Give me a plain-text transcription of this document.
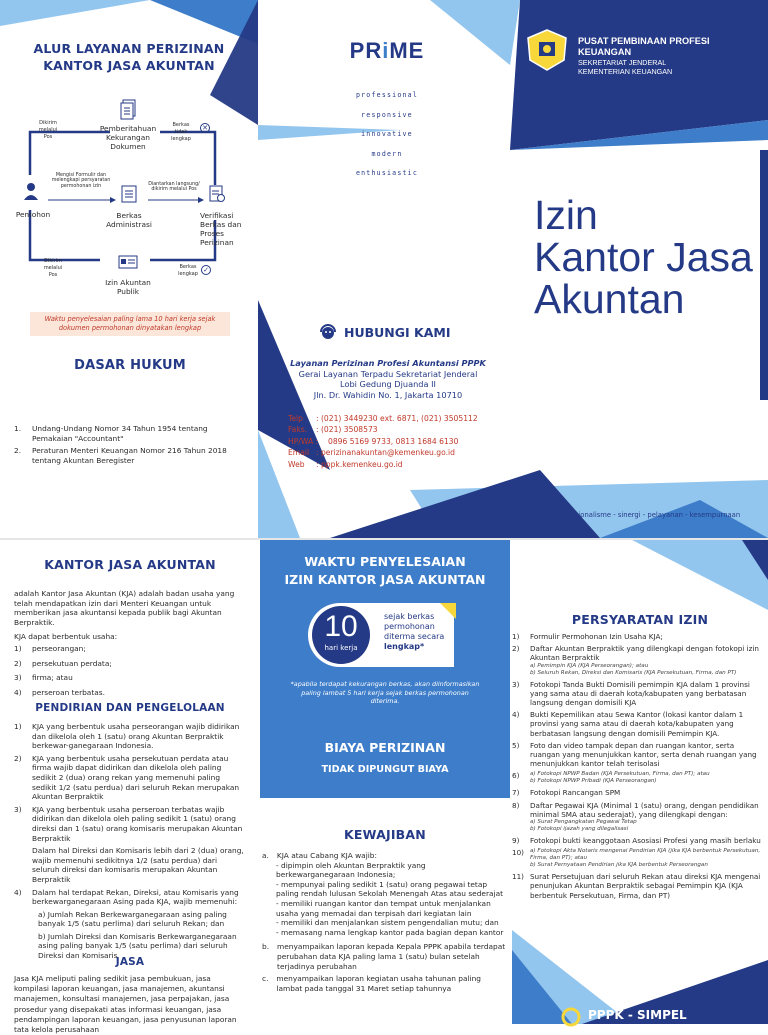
ALUR LAYANAN PERIZINAN
KANTOR JASA AKUNTAN
Pemberitahuan Kekurangan Dokumen
Dikirim melalui Pos
Berkas tidak lengkap
✕
Pemohon
Mengisi Formulir dan melengkapi persyaratan permohonan izin
Berkas Administrasi
Diantarkan langsung/ dikirim melalui Pos
Verifikasi Berkas dan Proses Perizinan
Dikirim melalui Pos
Izin Akuntan Publik
Berkas lengkap ✓
Waktu penyelesaian paling lama 10 hari kerja sejak dokumen permohonan dinyatakan lengkap
DASAR HUKUM
1.	Undang-Undang Nomor 34 Tahun 1954 tentang Pemakaian "Accountant"
2.	Peraturan Menteri Keuangan Nomor 216 Tahun 2018 tentang Akuntan Beregister
PRiME
professional
responsive
innovative
modern
enthusiastic
PUSAT PEMBINAAN PROFESI KEUANGAN
SEKRETARIAT JENDERAL
KEMENTERIAN KEUANGAN
Izin
Kantor Jasa
Akuntan
HUBUNGI KAMI
Layanan Perizinan Profesi Akuntansi PPPK
Gerai Layanan Terpadu Sekretariat Jenderal
Lobi Gedung Djuanda II
Jln. Dr. Wahidin No. 1, Jakarta 10710
Telp	: (021) 3449230 ext. 6871, (021) 3505112
Faks.	: (021) 3508573
HP/WA :	0896 5169 9733, 0813 1684 6130
Email : perizinanakuntan@kemenkeu.go.id
Web	: pppk.kemenkeu.go.id
integritas - profesionalisme - sinergi - pelayanan - kesempurnaan
KANTOR JASA AKUNTAN
adalah Kantor Jasa Akuntan (KJA) adalah badan usaha yang telah mendapatkan izin dari Menteri Keuangan untuk memberikan jasa akuntansi kepada publik bagi Akuntan Berpraktik.
KJA dapat berbentuk usaha:
1)	perseorangan;
2)	persekutuan perdata;
3)	firma; atau
4)	perseroan terbatas.
PENDIRIAN DAN PENGELOLAAN
1)	KJA yang berbentuk usaha perseorangan wajib didirikan dan dikelola oleh 1 (satu) orang Akuntan Berpraktik berkewar-ganegaraan Indonesia.
2)	KJA yang berbentuk usaha persekutuan perdata atau firma wajib dapat didirikan dan dikelola oleh paling sedikit 2 (dua) orang rekan yang memenuhi paling sedikit 1/2 (satu perdua) dari seluruh Rekan merupakan Akuntan Berpraktik
3)	KJA yang berbentuk usaha perseroan terbatas wajib didirikan dan dikelola oleh paling sedikit 1 (satu) orang direksi dan 1 (satu) orang komisaris merupakan Akuntan Berpraktik
Dalam hal Direksi dan Komisaris lebih dari 2 (dua) orang, wajib memenuhi sedikitnya 1/2 (satu perdua) dari seluruh direksi dan komisaris merupakan Akuntan Berpraktik
4)	Dalam hal terdapat Rekan, Direksi, atau Komisaris yang berkewarganegaraan Asing pada KJA, wajib memenuhi:
a) Jumlah Rekan Berkewarganegaraan asing paling banyak 1/5 (satu perlima) dari seluruh Rekan; dan
b) Jumlah Direksi dan Komisaris Berkewarganegaraan asing paling banyak 1/5 (satu perlima) dari seluruh Direksi dan Komisaris
JASA
Jasa KJA meliputi paling sedikit jasa pembukuan, jasa kompilasi laporan keuangan, jasa manajemen, akuntansi manajemen, konsultasi manajemen, jasa perpajakan, jasa prosedur yang disepakati atas informasi keuangan, jasa pendampingan laporan keuangan, jasa penyusunan laporan tata kelola perusahaan
WAKTU PENYELESAIAN
IZIN KANTOR JASA AKUNTAN
10
hari kerja
sejak berkas
permohonan
diterma secara
lengkap*
*apabila terdapat kekurangan berkas, akan diinformasikan paling lambat 5 hari kerja sejak berkas permohonan diterima.
BIAYA PERIZINAN
TIDAK DIPUNGUT BIAYA
KEWAJIBAN
a. KJA atau Cabang KJA wajib:
- dipimpin oleh Akuntan Berpraktik yang berkewarganegaraan Indonesia;
- mempunyai paling sedikit 1 (satu) orang pegawai tetap paling rendah lulusan Sekolah Menengah Atas atau sederajat
- memiliki ruangan kantor dan tempat untuk menjalankan usaha yang memadai dan terpisah dari kegiatan lain
- memiliki dan menjalankan sistem pengendalian mutu; dan
- memasang nama lengkap kantor pada bagian depan kantor
b. menyampaikan laporan kepada Kepala PPPK apabila terdapat perubahan data KJA paling lama 1 (satu) bulan setelah terjadinya perubahan
c. menyampaikan laporan kegiatan usaha tahunan paling lambat pada tanggal 31 Maret setiap tahunnya
PERSYARATAN IZIN
1)	Formulir Permohonan Izin Usaha KJA;
2)	Daftar Akuntan Berpraktik yang dilengkapi dengan fotokopi izin Akuntan Berpraktik
a) Pemimpin KJA (KJA Perseorangan); atau
b) Seluruh Rekan, Direksi dan Komisaris (KJA Persekutuan, Firma, dan PT)
3)	Fotokopi Tanda Bukti Domisili pemimpin KJA dalam 1 provinsi yang sama atau di daerah kota/kabupaten yang berbatasan langsung dengan domisili KJA
4)	Bukti Kepemilikan atau Sewa Kantor (lokasi kantor dalam 1 provinsi yang sama atau di daerah kota/kabupaten yang berbatasan langsung dengan domisili Pemimpin KJA.
5)	Foto dan video tampak depan dan ruangan kantor, serta ruangan yang menunjukkan kantor, serta denah ruangan yang menunjukkan kantor telah terisolasi
6)	a) Fotokopi NPWP Badan (KJA Persekutuan, Firma, dan PT); atau
b) Fotokopi NPWP Pribadi (KJA Perseorangan)
7)	Fotokopi Rancangan SPM
8)	Daftar Pegawai KJA (Minimal 1 (satu) orang, dengan pendidikan minimal SMA atau sederajat), yang dilengkapi dengan:
a) Surat Pengangkatan Pegawai Tetap
b) Fotokopi ijazah yang dilegalisasi
9)	Fotokopi bukti keanggotaan Asosiasi Profesi yang masih berlaku
10)	a) Fotokopi Akta Notaris mengenai Pendirian KJA (jika KJA berbentuk Persekutuan, Firma, dan PT); atau
b) Surat Pernyataan Pendirian jika KJA berbentuk Perseorangan
11) Surat Persetujuan dari seluruh Rekan atau direksi KJA mengenai penunjukan Akuntan Berpraktik sebagai Pemimpin KJA (KJA berbentuk Persekutuan, Firma, dan PT)
PPPK - SIMPEL
